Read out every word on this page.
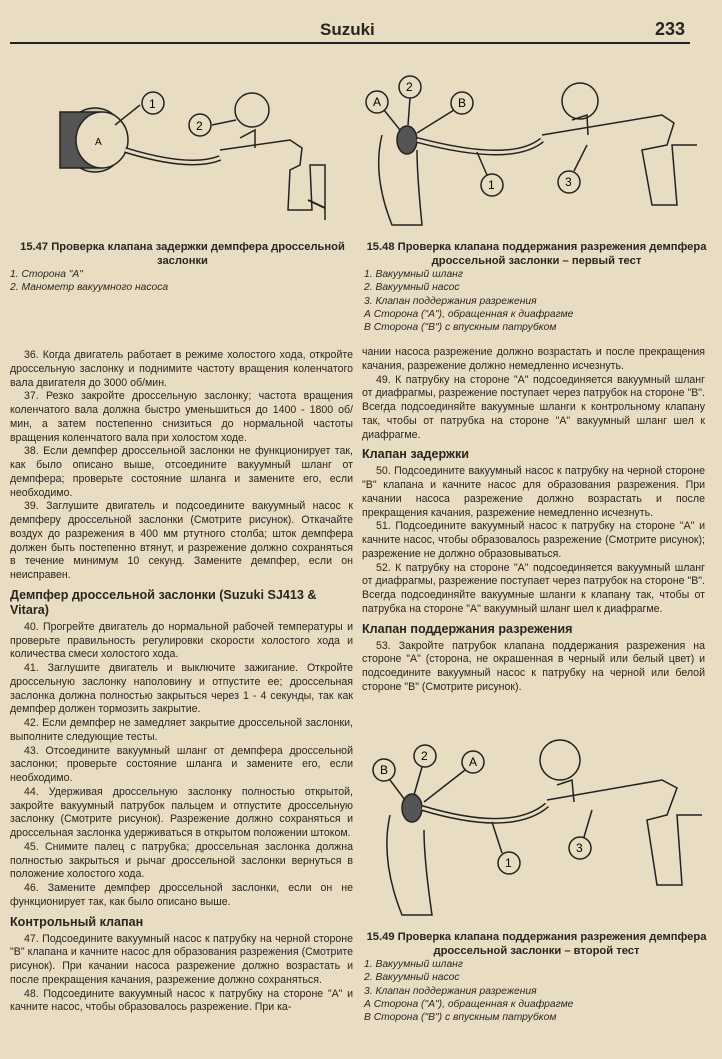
Suzuki	233
1
2
A
15.47 Проверка клапана задержки демпфера дроссельной заслонки
1. Сторона "А"
2. Манометр вакуумного насоса
A
2
B
1	3
15.48 Проверка клапана поддержания разрежения демпфера дроссельной заслонки – первый тест
1. Вакуумный шланг
2. Вакуумный насос
3. Клапан поддержания разрежения
А Сторона ("А"), обращенная к диафрагме
В Сторона ("В") с впускным патрубком
B
2	A
1
3
15.49 Проверка клапана поддержания разрежения демпфера дроссельной заслонки – второй тест
1. Вакуумный шланг
2. Вакуумный насос
3. Клапан поддержания разрежения
А Сторона ("А"), обращенная к диафрагме
В Сторона ("В") с впускным патрубком

36. Когда двигатель работает в режиме холостого хода, откройте дроссельную заслонку и поднимите частоту вращения коленчатого вала двигателя до 3000 об/мин.

37. Резко закройте дроссельную заслонку; частота вращения коленчатого вала должна быстро уменьшиться до 1400 - 1800 об/мин, а затем постепенно снизиться до нормальной частоты вращения коленчатого вала при холостом ходе.

38. Если демпфер дроссельной заслонки не функционирует так, как было описано выше, отсоедините вакуумный шланг от демпфера; проверьте состояние шланга и замените его, если необходимо.

39. Заглушите двигатель и подсоедините вакуумный насос к демпферу дроссельной заслонки (Смотрите рисунок). Откачайте воздух до разрежения в 400 мм ртутного столба; шток демпфера должен быть постепенно втянут, и разрежение должно сохраняться в течение минимум 10 секунд. Замените демпфер, если он неисправен.

Демпфер дроссельной заслонки (Suzuki SJ413 & Vitara)

40. Прогрейте двигатель до нормальной рабочей температуры и проверьте правильность регулировки скорости холостого хода и количества смеси холостого хода.

41. Заглушите двигатель и выключите зажигание. Откройте дроссельную заслонку наполовину и отпустите ее; дроссельная заслонка должна полностью закрыться через 1 - 4 секунды, так как демпфер должен тормозить закрытие.

42. Если демпфер не замедляет закрытие дроссельной заслонки, выполните следующие тесты.

43. Отсоедините вакуумный шланг от демпфера дроссельной заслонки; проверьте состояние шланга и замените его, если необходимо.

44. Удерживая дроссельную заслонку полностью открытой, закройте вакуумный патрубок пальцем и отпустите дроссельную заслонку (Смотрите рисунок). Разрежение должно сохраняться и дроссельная заслонка удерживаться в открытом положении штоком.

45. Снимите палец с патрубка; дроссельная заслонка должна полностью закрыться и рычаг дроссельной заслонки вернуться в положение холостого хода.

46. Замените демпфер дроссельной заслонки, если он не функционирует так, как было описано выше.

Контрольный клапан

47. Подсоедините вакуумный насос к патрубку на черной стороне "В" клапана и качните насос для образования разрежения (Смотрите рисунок). При качании насоса разрежение должно возрастать и после прекращения качания, разрежение должно сохраняться.

48. Подсоедините вакуумный насос к патрубку на стороне "А" и качните насос, чтобы образовалось разрежение. При ка-

чании насоса разрежение должно возрастать и после прекращения качания, разрежение должно немедленно исчезнуть.

49. К патрубку на стороне "А" подсоединяется вакуумный шланг от диафрагмы, разрежение поступает через патрубок на стороне "В". Всегда подсоединяйте вакуумные шланги к контрольному клапану так, чтобы от патрубка на стороне "А" вакуумный шланг шел к диафрагме.

Клапан задержки

50. Подсоедините вакуумный насос к патрубку на черной стороне "В" клапана и качните насос для образования разрежения. При качании насоса разрежение должно возрастать и после прекращения качания, разрежение немедленно исчезнуть.

51. Подсоедините вакуумный насос к патрубку на стороне "А" и качните насос, чтобы образовалось разрежение (Смотрите рисунок); разрежение не должно образовываться.

52. К патрубку на стороне "А" подсоединяется вакуумный шланг от диафрагмы, разрежение поступает через патрубок на стороне "В". Всегда подсоединяйте вакуумные шланги к клапану так, чтобы от патрубка на стороне "А" вакуумный шланг шел к диафрагме.

Клапан поддержания разрежения

53. Закройте патрубок клапана поддержания разрежения на стороне "А" (сторона, не окрашенная в черный или белый цвет) и подсоедините вакуумный насос к патрубку на черной или белой стороне "В" (Смотрите рисунок).
